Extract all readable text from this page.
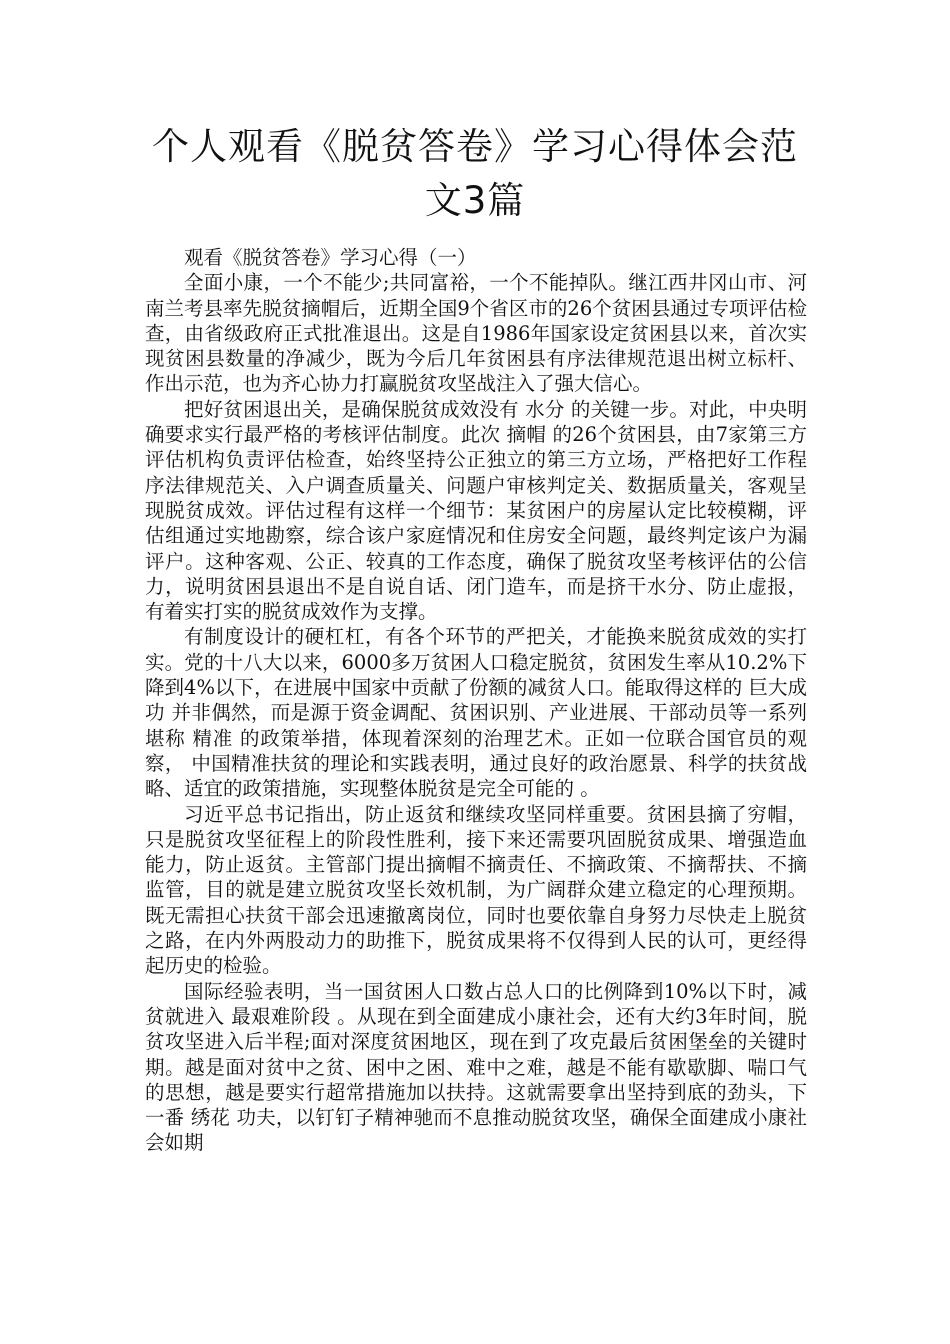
个人观看《脱贫答卷》学习心得体会范
文3篇

观看《脱贫答卷》学习心得（一）

全面小康，一个不能少;共同富裕，一个不能掉队。继江西井冈山市、河南兰考县率先脱贫摘帽后，近期全国9个省区市的26个贫困县通过专项评估检查，由省级政府正式批准退出。这是自1986年国家设定贫困县以来，首次实现贫困县数量的净减少，既为今后几年贫困县有序法律规范退出树立标杆、作出示范，也为齐心协力打赢脱贫攻坚战注入了强大信心。

把好贫困退出关，是确保脱贫成效没有 水分 的关键一步。对此，中央明确要求实行最严格的考核评估制度。此次 摘帽 的26个贫困县，由7家第三方评估机构负责评估检查，始终坚持公正独立的第三方立场，严格把好工作程序法律规范关、入户调查质量关、问题户审核判定关、数据质量关，客观呈现脱贫成效。评估过程有这样一个细节：某贫困户的房屋认定比较模糊，评估组通过实地勘察，综合该户家庭情况和住房安全问题，最终判定该户为漏评户。这种客观、公正、较真的工作态度，确保了脱贫攻坚考核评估的公信力，说明贫困县退出不是自说自话、闭门造车，而是挤干水分、防止虚报，有着实打实的脱贫成效作为支撑。

有制度设计的硬杠杠，有各个环节的严把关，才能换来脱贫成效的实打实。党的十八大以来，6000多万贫困人口稳定脱贫，贫困发生率从10.2%下降到4%以下，在进展中国家中贡献了份额的减贫人口。能取得这样的 巨大成功 并非偶然，而是源于资金调配、贫困识别、产业进展、干部动员等一系列堪称 精准 的政策举措，体现着深刻的治理艺术。正如一位联合国官员的观察， 中国精准扶贫的理论和实践表明，通过良好的政治愿景、科学的扶贫战略、适宜的政策措施，实现整体脱贫是完全可能的 。

习近平总书记指出，防止返贫和继续攻坚同样重要。贫困县摘了穷帽，只是脱贫攻坚征程上的阶段性胜利，接下来还需要巩固脱贫成果、增强造血能力，防止返贫。主管部门提出摘帽不摘责任、不摘政策、不摘帮扶、不摘监管，目的就是建立脱贫攻坚长效机制，为广阔群众建立稳定的心理预期。既无需担心扶贫干部会迅速撤离岗位，同时也要依靠自身努力尽快走上脱贫之路，在内外两股动力的助推下，脱贫成果将不仅得到人民的认可，更经得起历史的检验。

国际经验表明，当一国贫困人口数占总人口的比例降到10%以下时，减贫就进入 最艰难阶段 。从现在到全面建成小康社会，还有大约3年时间，脱贫攻坚进入后半程;面对深度贫困地区，现在到了攻克最后贫困堡垒的关键时期。越是面对贫中之贫、困中之困、难中之难，越是不能有歇歇脚、喘口气的思想，越是要实行超常措施加以扶持。这就需要拿出坚持到底的劲头，下一番 绣花 功夫，以钉钉子精神驰而不息推动脱贫攻坚，确保全面建成小康社会如期
